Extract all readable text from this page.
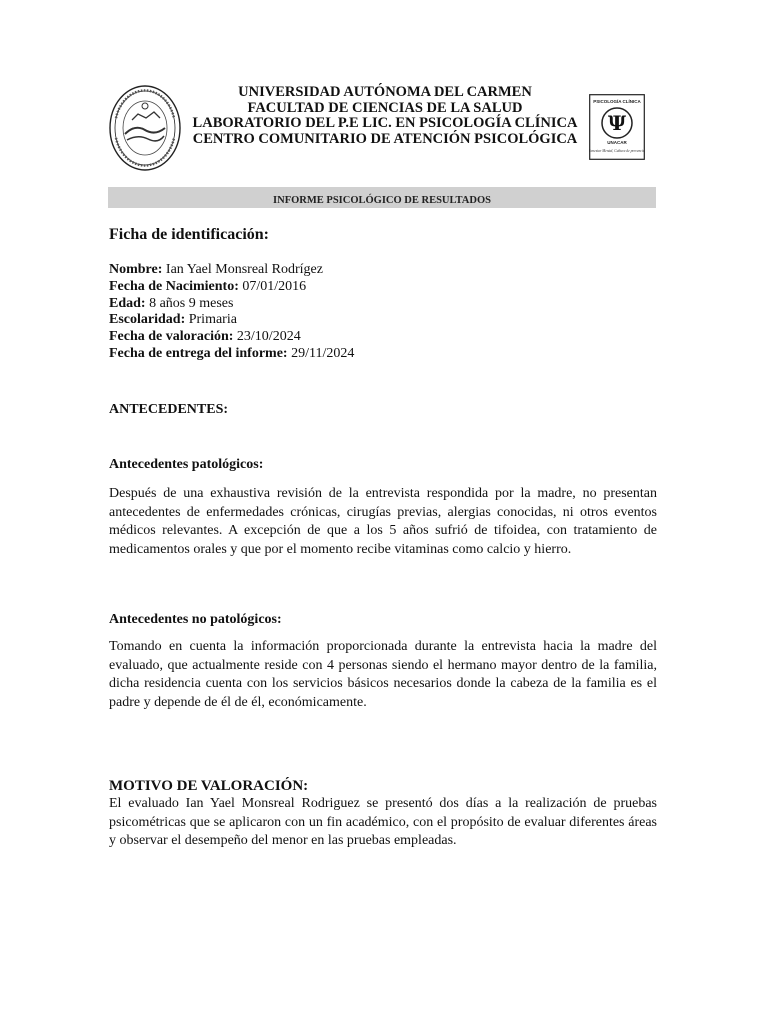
UNIVERSIDAD AUTÓNOMA DEL CARMEN
FACULTAD DE CIENCIAS DE LA SALUD
LABORATORIO DEL P.E LIC. EN PSICOLOGÍA CLÍNICA
CENTRO COMUNITARIO DE ATENCIÓN PSICOLÓGICA
PSICOLOGÍA CLÍNICA
Ψ
UNACAR
Bienestar Mental, Cultura de prevención
INFORME PSICOLÓGICO DE RESULTADOS
Ficha de identificación:
Nombre: Ian Yael Monsreal Rodrígez
Fecha de Nacimiento: 07/01/2016
Edad: 8 años 9 meses
Escolaridad: Primaria
Fecha de valoración: 23/10/2024
Fecha de entrega del informe: 29/11/2024
ANTECEDENTES:
Antecedentes patológicos:
Después de una exhaustiva revisión de la entrevista respondida por la madre, no presentan antecedentes de enfermedades crónicas, cirugías previas, alergias conocidas, ni otros eventos médicos relevantes. A excepción de que a los 5 años sufrió de tifoidea, con tratamiento de medicamentos orales y que por el momento recibe vitaminas como calcio y hierro.
Antecedentes no patológicos:
Tomando en cuenta la información proporcionada durante la entrevista hacia la madre del evaluado, que actualmente reside con 4 personas siendo el hermano mayor dentro de la familia, dicha residencia cuenta con los servicios básicos necesarios donde la cabeza de la familia es el padre y depende de él de él, económicamente.
MOTIVO DE VALORACIÓN:
El evaluado Ian Yael Monsreal Rodriguez se presentó dos días a la realización de pruebas psicométricas que se aplicaron con un fin académico, con el propósito de evaluar diferentes áreas y observar el desempeño del menor en las pruebas empleadas.
